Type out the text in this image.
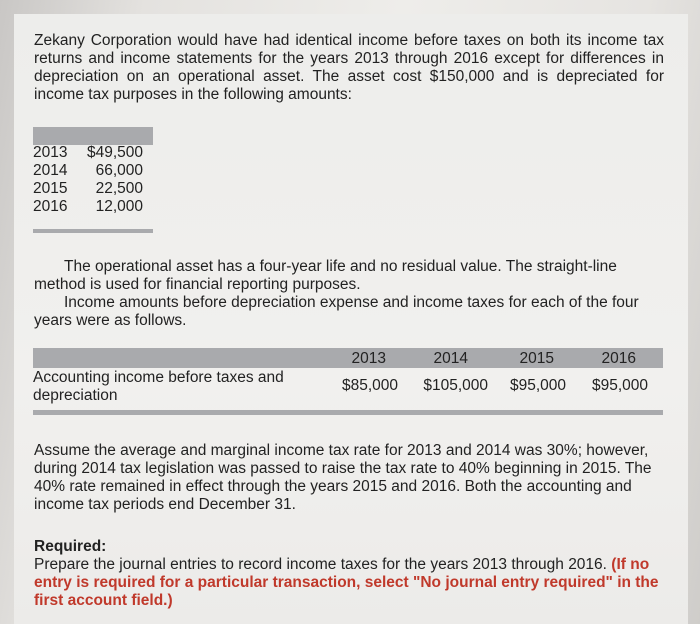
Zekany Corporation would have had identical income before taxes on both its income tax returns and income statements for the years 2013 through 2016 except for differences in depreciation on an operational asset. The asset cost $150,000 and is depreciated for income tax purposes in the following amounts:
2013	$49,500
2014	66,000
2015	22,500
2016	12,000
The operational asset has a four-year life and no residual value. The straight-line method is used for financial reporting purposes.
Income amounts before depreciation expense and income taxes for each of the four years were as follows.
2013	2014	2015	2016
Accounting income before taxes and depreciation
$85,000	$105,000	$95,000	$95,000
Assume the average and marginal income tax rate for 2013 and 2014 was 30%; however, during 2014 tax legislation was passed to raise the tax rate to 40% beginning in 2015. The 40% rate remained in effect through the years 2015 and 2016. Both the accounting and income tax periods end December 31.
Required:
Prepare the journal entries to record income taxes for the years 2013 through 2016. (If no entry is required for a particular transaction, select "No journal entry required" in the first account field.)
